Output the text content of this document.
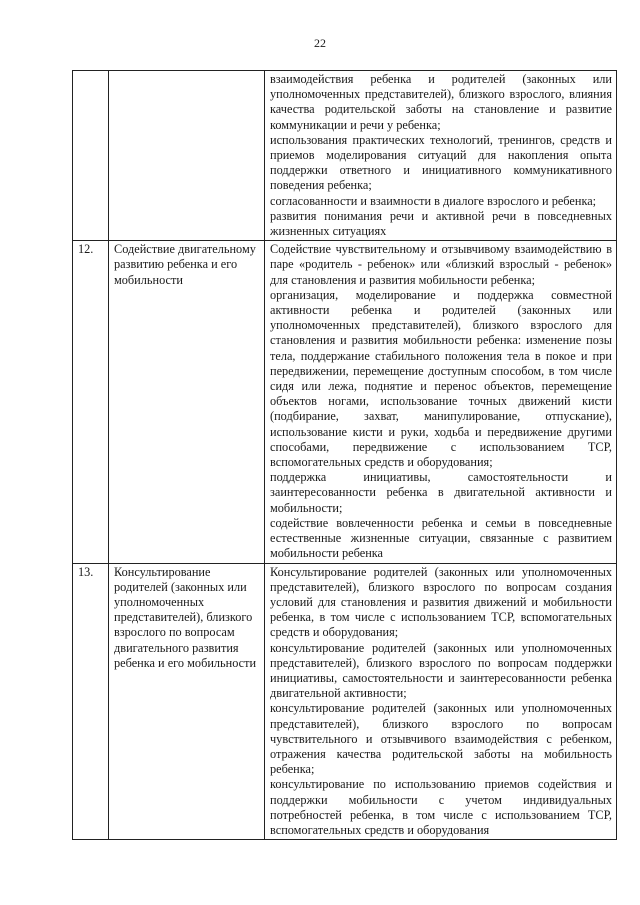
22

		взаимодействия ребенка и родителей (законных или уполномоченных представителей), близкого взрослого, влияния качества родительской заботы на становление и развитие коммуникации и речи у ребенка;

использования практических технологий, тренингов, средств и приемов моделирования ситуаций для накопления опыта поддержки ответного и инициативного коммуникативного поведения ребенка;

согласованности и взаимности в диалоге взрослого и ребенка;

развития понимания речи и активной речи в повседневных жизненных ситуациях

12.	Содействие двигательному развитию ребенка и его мобильности	Содействие чувствительному и отзывчивому взаимодействию в паре «родитель - ребенок» или «близкий взрослый - ребенок» для становления и развития мобильности ребенка;

организация, моделирование и поддержка совместной активности ребенка и родителей (законных или уполномоченных представителей), близкого взрослого для становления и развития мобильности ребенка: изменение позы тела, поддержание стабильного положения тела в покое и при передвижении, перемещение доступным способом, в том числе сидя или лежа, поднятие и перенос объектов, перемещение объектов ногами, использование точных движений кисти (подбирание, захват, манипулирование, отпускание), использование кисти и руки, ходьба и передвижение другими способами, передвижение с использованием ТСР, вспомогательных средств и оборудования;

поддержка инициативы, самостоятельности и заинтересованности ребенка в двигательной активности и мобильности;

содействие вовлеченности ребенка и семьи в повседневные естественные жизненные ситуации, связанные с развитием мобильности ребенка

13.	Консультирование родителей (законных или уполномоченных представителей), близкого взрослого по вопросам двигательного развития ребенка и его мобильности	Консультирование родителей (законных или уполномоченных представителей), близкого взрослого по вопросам создания условий для становления и развития движений и мобильности ребенка, в том числе с использованием ТСР, вспомогательных средств и оборудования;

консультирование родителей (законных или уполномоченных представителей), близкого взрослого по вопросам поддержки инициативы, самостоятельности и заинтересованности ребенка двигательной активности;

консультирование родителей (законных или уполномоченных представителей), близкого взрослого по вопросам чувствительного и отзывчивого взаимодействия с ребенком, отражения качества родительской заботы на мобильность ребенка;

консультирование по использованию приемов содействия и поддержки мобильности с учетом индивидуальных потребностей ребенка, в том числе с использованием ТСР, вспомогательных средств и оборудования
